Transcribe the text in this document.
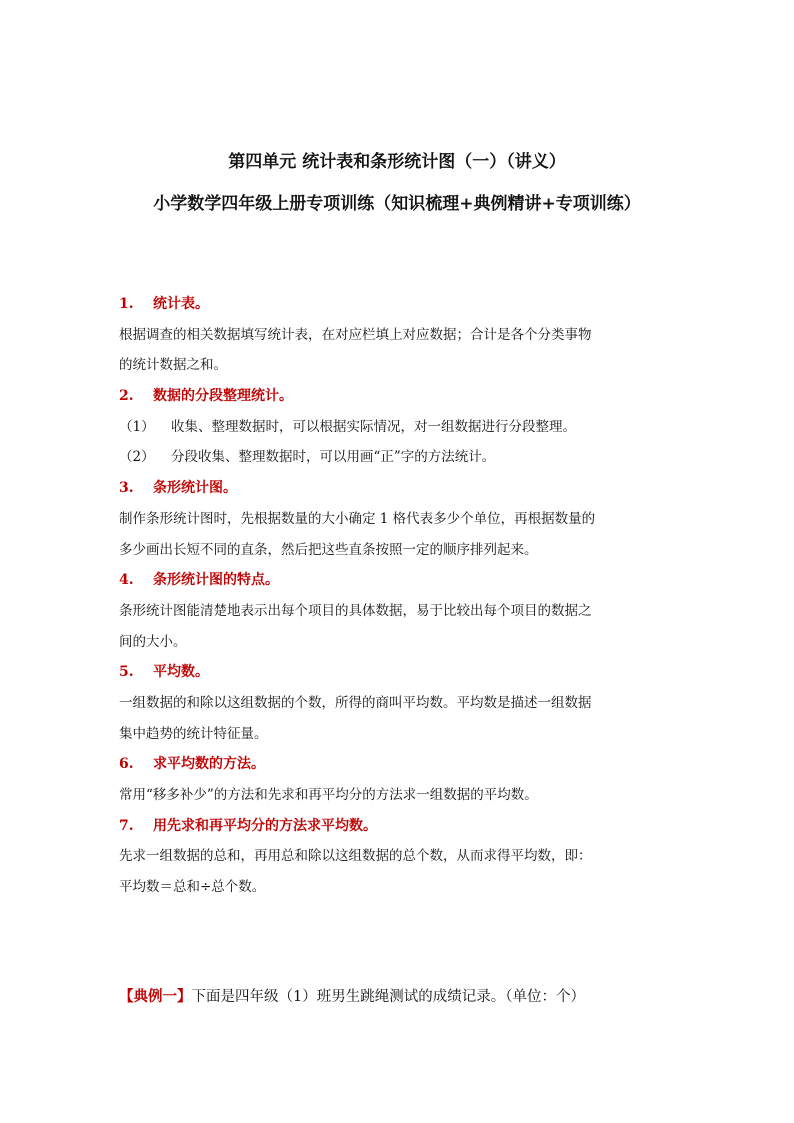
第四单元 统计表和条形统计图（一）（讲义）
小学数学四年级上册专项训练（知识梳理+典例精讲+专项训练）
1. 统计表。
根据调查的相关数据填写统计表，在对应栏填上对应数据；合计是各个分类事物
的统计数据之和。
2. 数据的分段整理统计。
（1） 收集、整理数据时，可以根据实际情况，对一组数据进行分段整理。
（2） 分段收集、整理数据时，可以用画“正”字的方法统计。
3. 条形统计图。
制作条形统计图时，先根据数量的大小确定 1 格代表多少个单位，再根据数量的
多少画出长短不同的直条，然后把这些直条按照一定的顺序排列起来。
4. 条形统计图的特点。
条形统计图能清楚地表示出每个项目的具体数据，易于比较出每个项目的数据之
间的大小。
5. 平均数。
一组数据的和除以这组数据的个数，所得的商叫平均数。平均数是描述一组数据
集中趋势的统计特征量。
6. 求平均数的方法。
常用“移多补少”的方法和先求和再平均分的方法求一组数据的平均数。
7. 用先求和再平均分的方法求平均数。
先求一组数据的总和，再用总和除以这组数据的总个数，从而求得平均数，即：
平均数＝总和÷总个数。
【典例一】下面是四年级（1）班男生跳绳测试的成绩记录。（单位：个）
